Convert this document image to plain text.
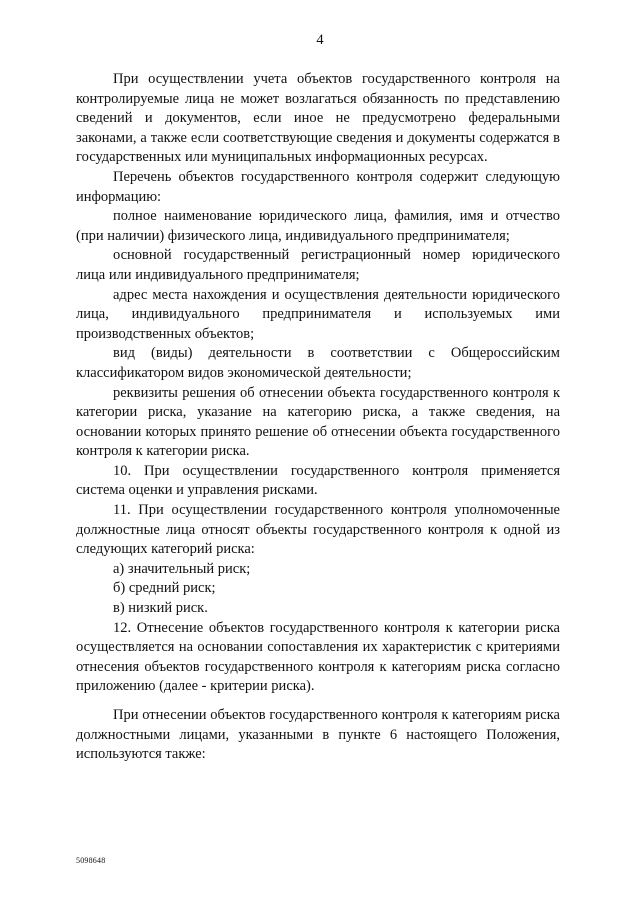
4

При осуществлении учета объектов государственного контроля на контролируемые лица не может возлагаться обязанность по представлению сведений и документов, если иное не предусмотрено федеральными законами, а также если соответствующие сведения и документы содержатся в государственных или муниципальных информационных ресурсах.

Перечень объектов государственного контроля содержит следующую информацию:

полное наименование юридического лица, фамилия, имя и отчество (при наличии) физического лица, индивидуального предпринимателя;

основной государственный регистрационный номер юридического лица или индивидуального предпринимателя;

адрес места нахождения и осуществления деятельности юридического лица, индивидуального предпринимателя и используемых ими производственных объектов;

вид (виды) деятельности в соответствии с Общероссийским классификатором видов экономической деятельности;

реквизиты решения об отнесении объекта государственного контроля к категории риска, указание на категорию риска, а также сведения, на основании которых принято решение об отнесении объекта государственного контроля к категории риска.

10. При осуществлении государственного контроля применяется система оценки и управления рисками.

11. При осуществлении государственного контроля уполномоченные должностные лица относят объекты государственного контроля к одной из следующих категорий риска:

а) значительный риск;

б) средний риск;

в) низкий риск.

12. Отнесение объектов государственного контроля к категории риска осуществляется на основании сопоставления их характеристик с критериями отнесения объектов государственного контроля к категориям риска согласно приложению (далее - критерии риска).

При отнесении объектов государственного контроля к категориям риска должностными лицами, указанными в пункте 6 настоящего Положения, используются также:

5098648
